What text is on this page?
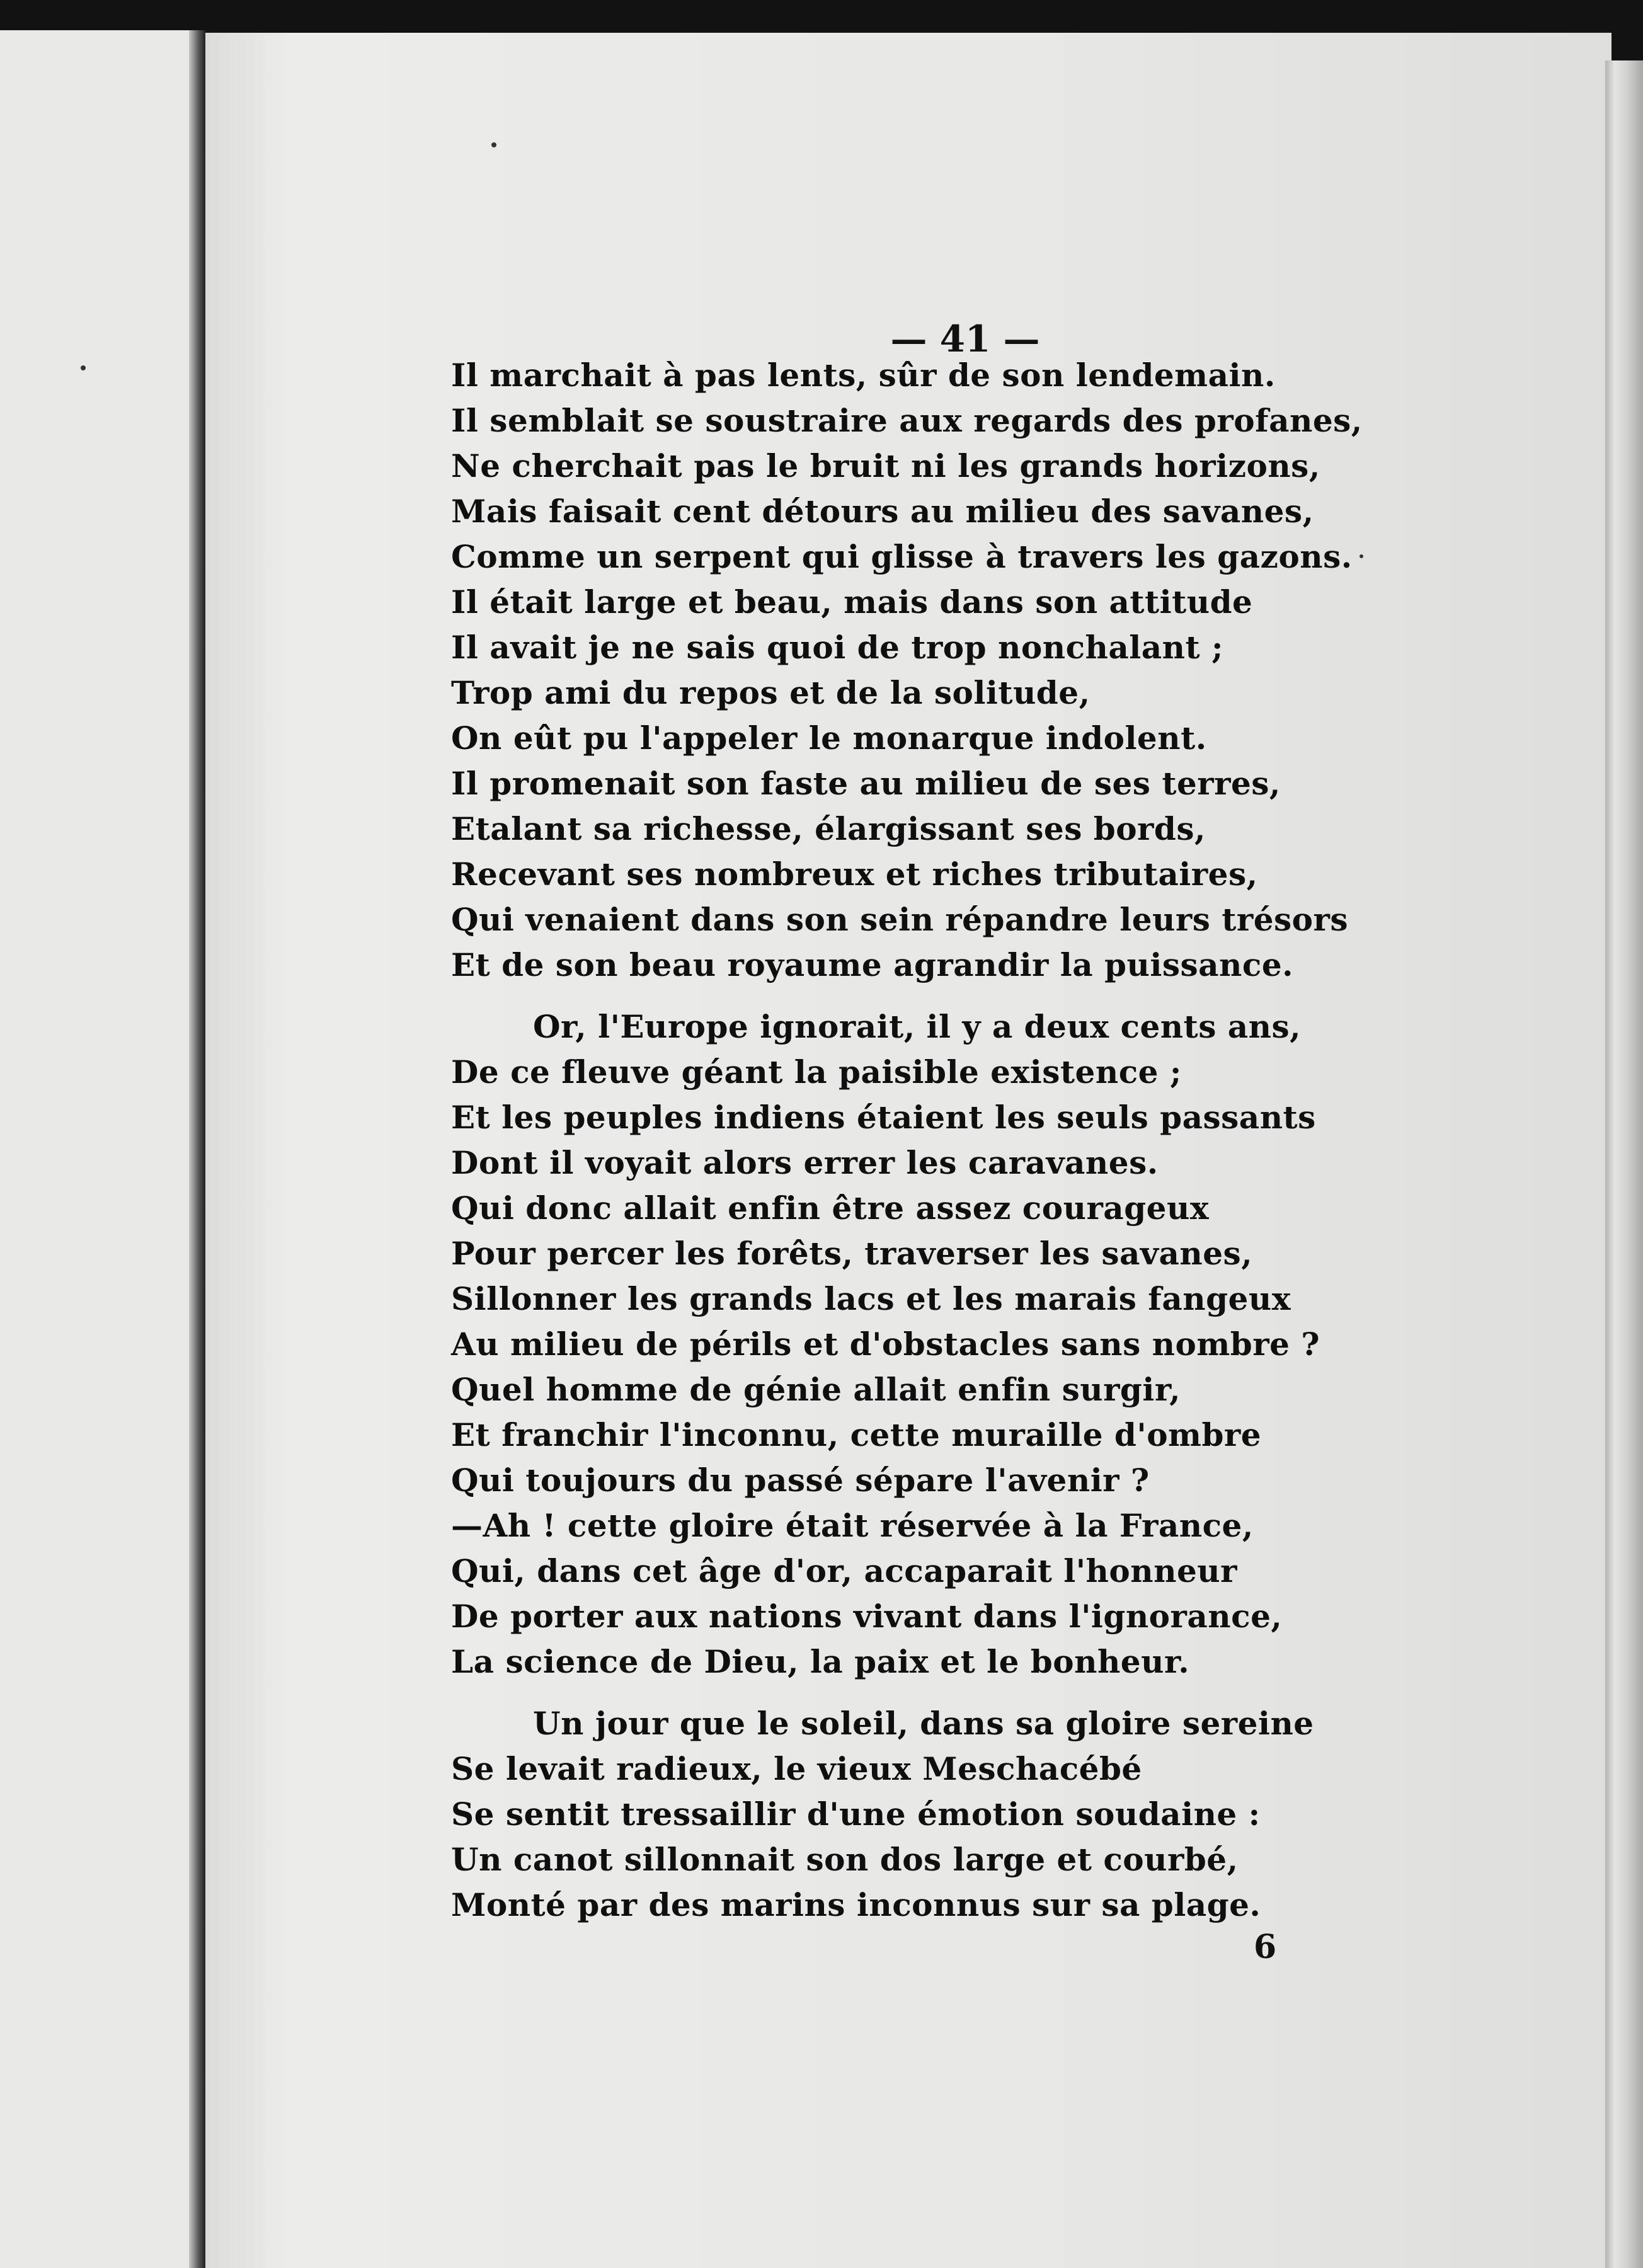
— 41 —
Il marchait à pas lents, sûr de son lendemain.
Il semblait se soustraire aux regards des profanes,
Ne cherchait pas le bruit ni les grands horizons,
Mais faisait cent détours au milieu des savanes,
Comme un serpent qui glisse à travers les gazons.
Il était large et beau, mais dans son attitude
Il avait je ne sais quoi de trop nonchalant ;
Trop ami du repos et de la solitude,
On eût pu l'appeler le monarque indolent.
Il promenait son faste au milieu de ses terres,
Etalant sa richesse, élargissant ses bords,
Recevant ses nombreux et riches tributaires,
Qui venaient dans son sein répandre leurs trésors
Et de son beau royaume agrandir la puissance.
Or, l'Europe ignorait, il y a deux cents ans,
De ce fleuve géant la paisible existence ;
Et les peuples indiens étaient les seuls passants
Dont il voyait alors errer les caravanes.
Qui donc allait enfin être assez courageux
Pour percer les forêts, traverser les savanes,
Sillonner les grands lacs et les marais fangeux
Au milieu de périls et d'obstacles sans nombre ?
Quel homme de génie allait enfin surgir,
Et franchir l'inconnu, cette muraille d'ombre
Qui toujours du passé sépare l'avenir ?
—Ah ! cette gloire était réservée à la France,
Qui, dans cet âge d'or, accaparait l'honneur
De porter aux nations vivant dans l'ignorance,
La science de Dieu, la paix et le bonheur.
Un jour que le soleil, dans sa gloire sereine
Se levait radieux, le vieux Meschacébé
Se sentit tressaillir d'une émotion soudaine :
Un canot sillonnait son dos large et courbé,
Monté par des marins inconnus sur sa plage.
6
